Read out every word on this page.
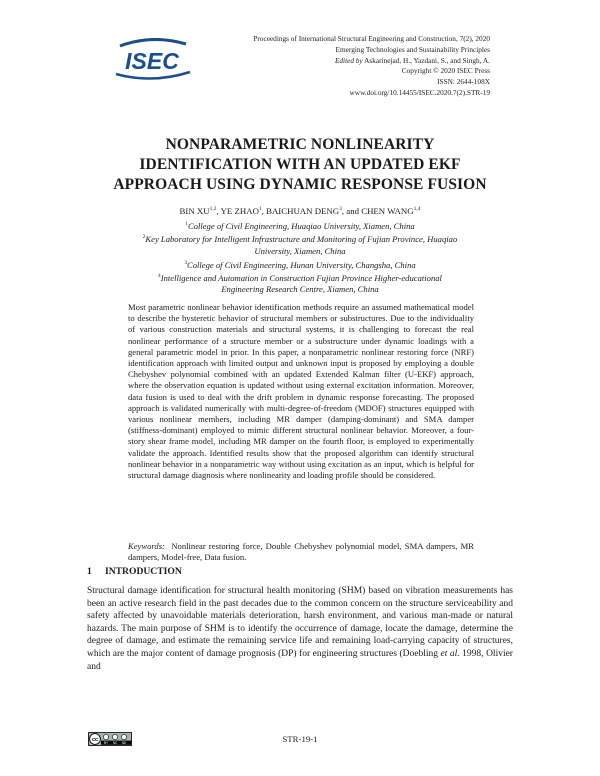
ISEC
Proceedings of International Structural Engineering and Construction, 7(2), 2020
Emerging Technologies and Sustainability Principles
Edited by Askarinejad, H., Yazdani, S., and Singh, A.
Copyright © 2020 ISEC Press
ISSN: 2644-108X
www.doi.org/10.14455/ISEC.2020.7(2).STR-19
NONPARAMETRIC NONLINEARITY
IDENTIFICATION WITH AN UPDATED EKF
APPROACH USING DYNAMIC RESPONSE FUSION
BIN XU$^{1,2}$, YE ZHAO$^1$, BAICHUAN DENG$^3$, and CHEN WANG$^{1,4}$
$^1$College of Civil Engineering, Huaqiao University, Xiamen, China
$^2$Key Laboratory for Intelligent Infrastructure and Monitoring of Fujian Province, Huaqiao
University, Xiamen, China
$^3$College of Civil Engineering, Hunan University, Changsha, China
$^4$Intelligence and Automation in Construction Fujian Province Higher-educational
Engineering Research Centre, Xiamen, China
Most parametric nonlinear behavior identification methods require an assumed mathematical model to describe the hysteretic behavior of structural members or substructures. Due to the individuality of various construction materials and structural systems, it is challenging to forecast the real nonlinear performance of a structure member or a substructure under dynamic loadings with a general parametric model in prior. In this paper, a nonparametric nonlinear restoring force (NRF) identification approach with limited output and unknown input is proposed by employing a double Chebyshev polynomial combined with an updated Extended Kalman filter (U-EKF) approach, where the observation equation is updated without using external excitation information. Moreover, data fusion is used to deal with the drift problem in dynamic response forecasting. The proposed approach is validated numerically with multi-degree-of-freedom (MDOF) structures equipped with various nonlinear members, including MR damper (damping-dominant) and SMA damper (stiffness-dominant) employed to mimic different structural nonlinear behavior. Moreover, a four-story shear frame model, including MR damper on the fourth floor, is employed to experimentally validate the approach. Identified results show that the proposed algorithm can identify structural nonlinear behavior in a nonparametric way without using excitation as an input, which is helpful for structural damage diagnosis where nonlinearity and loading profile should be considered.
Keywords: Nonlinear restoring force, Double Chebyshev polynomial model, SMA dampers, MR dampers, Model-free, Data fusion.
1 INTRODUCTION
Structural damage identification for structural health monitoring (SHM) based on vibration measurements has been an active research field in the past decades due to the common concern on the structure serviceability and safety affected by unavoidable materials deterioration, harsh environment, and various man-made or natural hazards. The main purpose of SHM is to identify the occurrence of damage, locate the damage, determine the degree of damage, and estimate the remaining service life and remaining load-carrying capacity of structures, which are the major content of damage prognosis (DP) for engineering structures (Doebling et al. 1998, Olivier and
cc
BY NC ND	STR-19-1
